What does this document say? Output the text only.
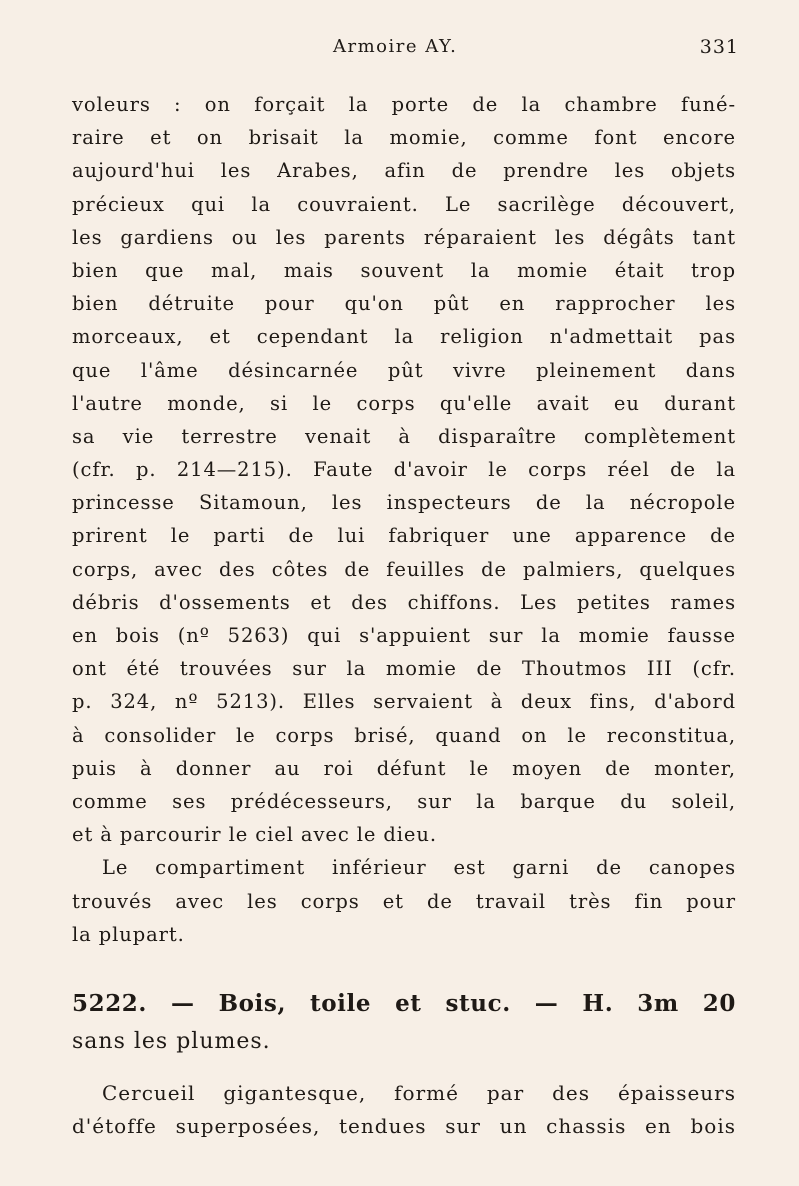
Armoire AY.	331
voleurs : on forçait la porte de la chambre funé-
raire et on brisait la momie, comme font encore
aujourd'hui les Arabes, afin de prendre les objets
précieux qui la couvraient. Le sacrilège découvert,
les gardiens ou les parents réparaient les dégâts tant
bien que mal, mais souvent la momie était trop
bien détruite pour qu'on pût en rapprocher les
morceaux, et cependant la religion n'admettait pas
que l'âme désincarnée pût vivre pleinement dans
l'autre monde, si le corps qu'elle avait eu durant
sa vie terrestre venait à disparaître complètement
(cfr. p. 214—215). Faute d'avoir le corps réel de la
princesse Sitamoun, les inspecteurs de la nécropole
prirent le parti de lui fabriquer une apparence de
corps, avec des côtes de feuilles de palmiers, quelques
débris d'ossements et des chiffons. Les petites rames
en bois (nº 5263) qui s'appuient sur la momie fausse
ont été trouvées sur la momie de Thoutmos III (cfr.
p. 324, nº 5213). Elles servaient à deux fins, d'abord
à consolider le corps brisé, quand on le reconstitua,
puis à donner au roi défunt le moyen de monter,
comme ses prédécesseurs, sur la barque du soleil,
et à parcourir le ciel avec le dieu.
Le compartiment inférieur est garni de canopes
trouvés avec les corps et de travail très fin pour
la plupart.
5222. — Bois, toile et stuc. — H. 3m 20
sans les plumes.
Cercueil gigantesque, formé par des épaisseurs
d'étoffe superposées, tendues sur un chassis en bois
